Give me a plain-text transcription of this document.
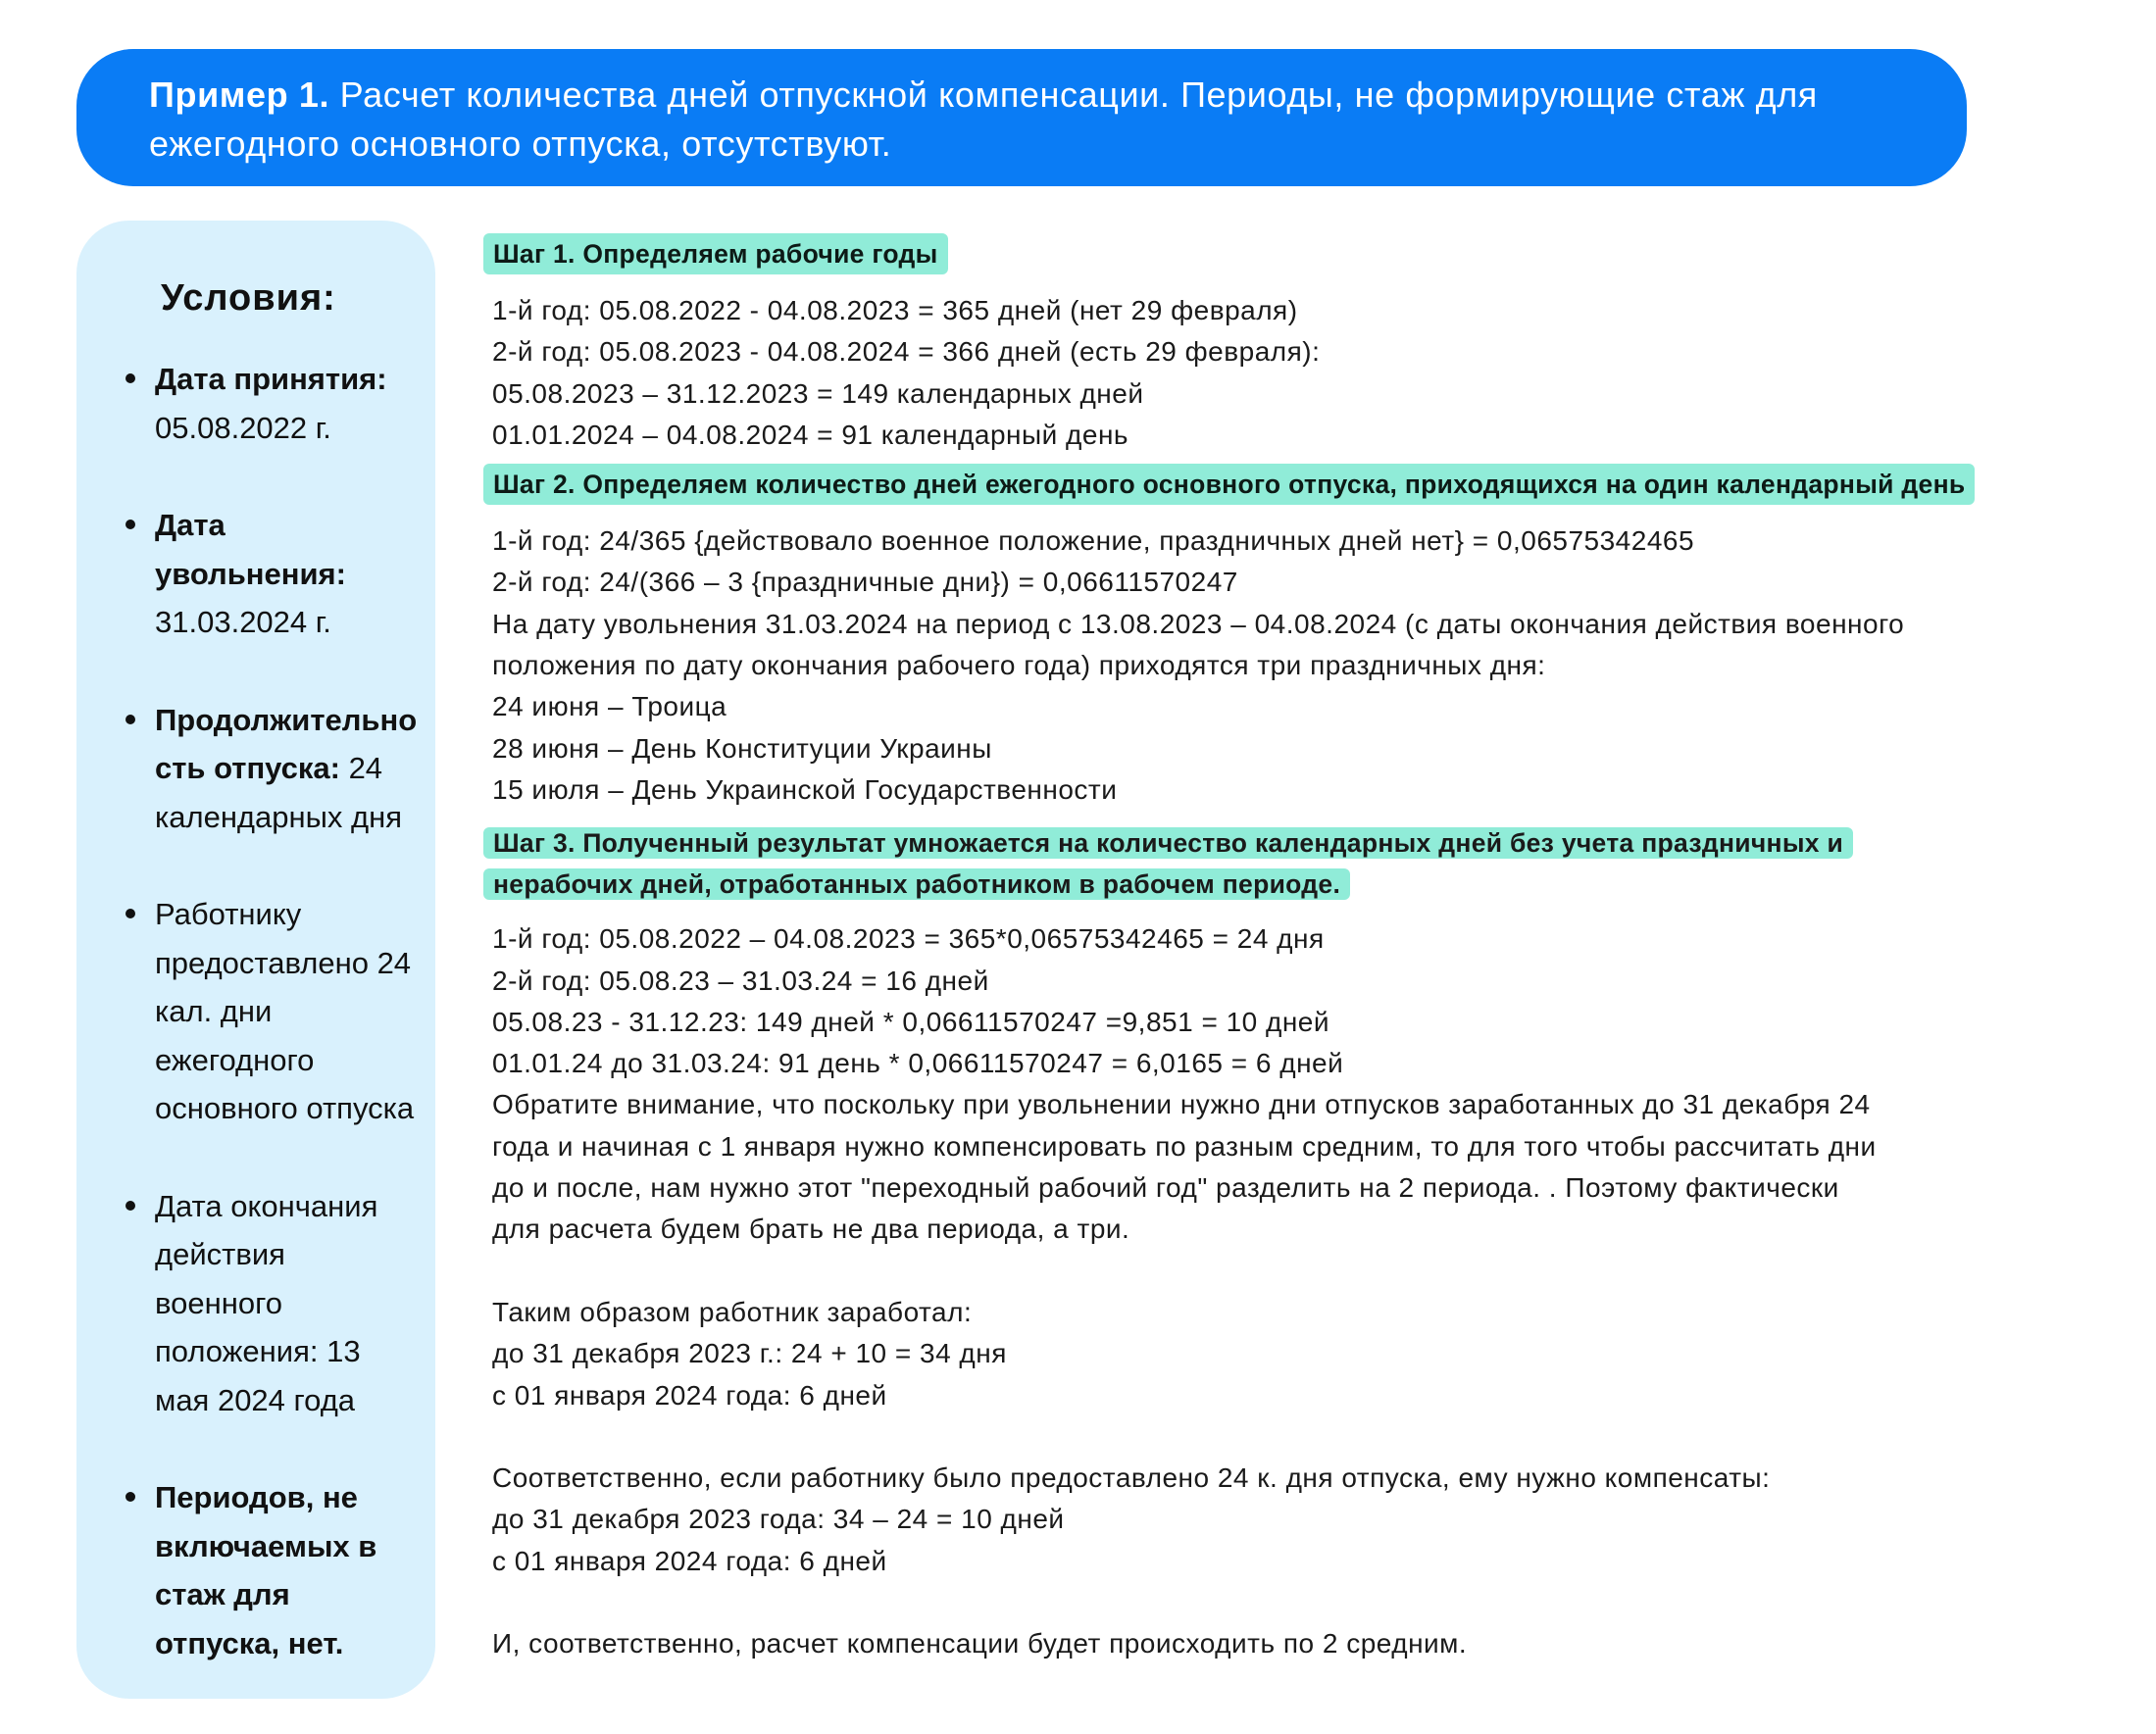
Пример 1. Расчет количества дней отпускной компенсации. Периоды, не формирующие стаж для
ежегодного основного отпуска, отсутствуют.
Условия:
Дата принятия:
05.08.2022 г.
Дата увольнения:
31.03.2024 г.
Продолжительно сть отпуска: 24 календарных дня
Работнику предоставлено 24 кал. дни ежегодного основного отпуска
Дата окончания действия военного положения: 13 мая 2024 года
Периодов, не включаемых в стаж для отпуска, нет.
Шаг 1. Определяем рабочие годы
1-й год: 05.08.2022 - 04.08.2023 = 365 дней (нет 29 февраля)
2-й год: 05.08.2023 - 04.08.2024 = 366 дней (есть 29 февраля):
05.08.2023 – 31.12.2023 = 149 календарных дней
01.01.2024 – 04.08.2024 = 91 календарный день
Шаг 2. Определяем количество дней ежегодного основного отпуска, приходящихся на один календарный день
1-й год: 24/365 {действовало военное положение, праздничных дней нет} = 0,06575342465
2-й год: 24/(366 – 3 {праздничные дни}) = 0,06611570247
На дату увольнения 31.03.2024 на период с 13.08.2023 – 04.08.2024 (с даты окончания действия военного
положения по дату окончания рабочего года) приходятся три праздничных дня:
24 июня – Троица
28 июня – День Конституции Украины
15 июля – День Украинской Государственности
Шаг 3. Полученный результат умножается на количество календарных дней без учета праздничных и
нерабочих дней, отработанных работником в рабочем периоде.
1-й год: 05.08.2022 – 04.08.2023 = 365*0,06575342465 = 24 дня
2-й год: 05.08.23 – 31.03.24 = 16 дней
05.08.23 - 31.12.23: 149 дней * 0,06611570247 =9,851 = 10 дней
01.01.24 до 31.03.24: 91 день * 0,06611570247 = 6,0165 = 6 дней
Обратите внимание, что поскольку при увольнении нужно дни отпусков заработанных до 31 декабря 24
года и начиная с 1 января нужно компенсировать по разным средним, то для того чтобы рассчитать дни
до и после, нам нужно этот "переходный рабочий год" разделить на 2 периода. . Поэтому фактически
для расчета будем брать не два периода, а три.
Таким образом работник заработал:
до 31 декабря 2023 г.: 24 + 10 = 34 дня
с 01 января 2024 года: 6 дней
Соответственно, если работнику было предоставлено 24 к. дня отпуска, ему нужно компенсаты:
до 31 декабря 2023 года: 34 – 24 = 10 дней
с 01 января 2024 года: 6 дней
И, соответственно, расчет компенсации будет происходить по 2 средним.
